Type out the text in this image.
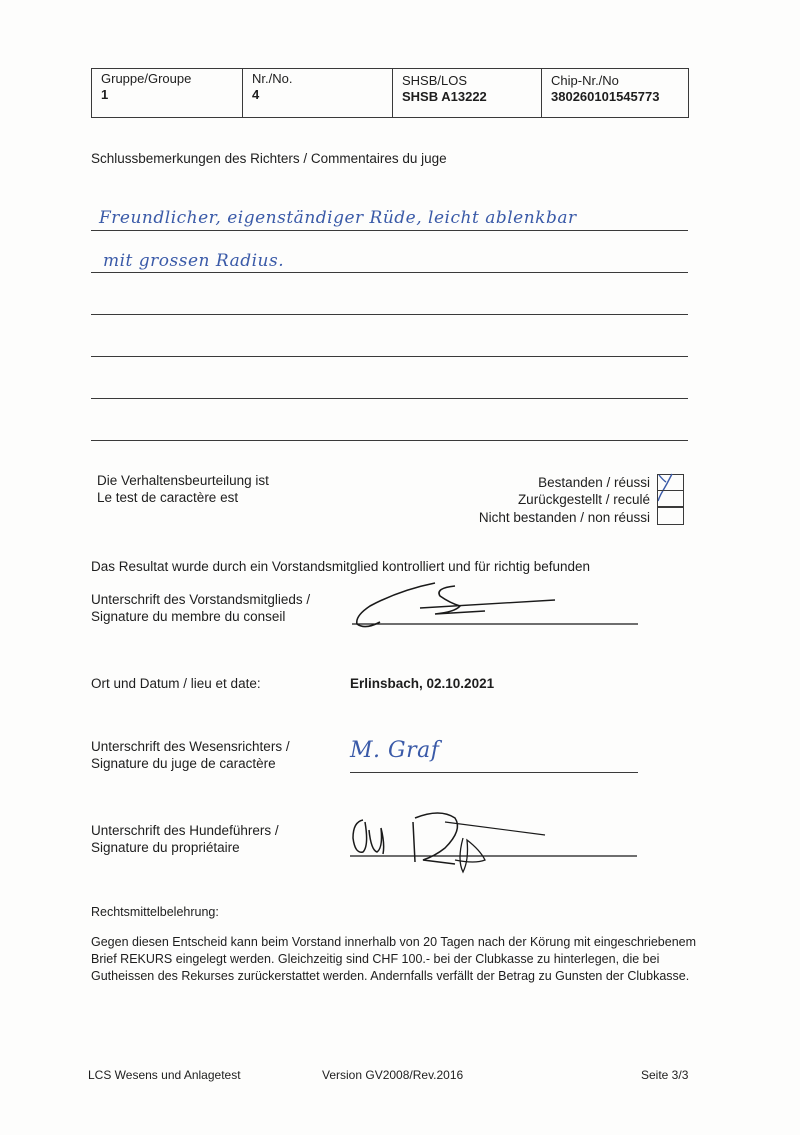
Gruppe/Groupe
1
Nr./No.
4
SHSB/LOS
SHSB A13222
Chip-Nr./No
380260101545773
Schlussbemerkungen des Richters / Commentaires du juge
Freundlicher, eigenständiger Rüde, leicht ablenkbar
mit grossen Radius.
Die Verhaltensbeurteilung ist
Le test de caractère est
Bestanden / réussi
Zurückgestellt / reculé
Nicht bestanden / non réussi
Das Resultat wurde durch ein Vorstandsmitglied kontrolliert und für richtig befunden
Unterschrift des Vorstandsmitglieds /
Signature du membre du conseil
Ort und Datum / lieu et date:	Erlinsbach, 02.10.2021
Unterschrift des Wesensrichters /
Signature du juge de caractère
M. Graf
Unterschrift des Hundeführers /
Signature du propriétaire
Rechtsmittelbelehrung:
Gegen diesen Entscheid kann beim Vorstand innerhalb von 20 Tagen nach der Körung mit eingeschriebenem Brief REKURS eingelegt werden. Gleichzeitig sind CHF 100.- bei der Clubkasse zu hinterlegen, die bei Gutheissen des Rekurses zurückerstattet werden. Andernfalls verfällt der Betrag zu Gunsten der Clubkasse.
LCS Wesens und Anlagetest	Version GV2008/Rev.2016	Seite 3/3
